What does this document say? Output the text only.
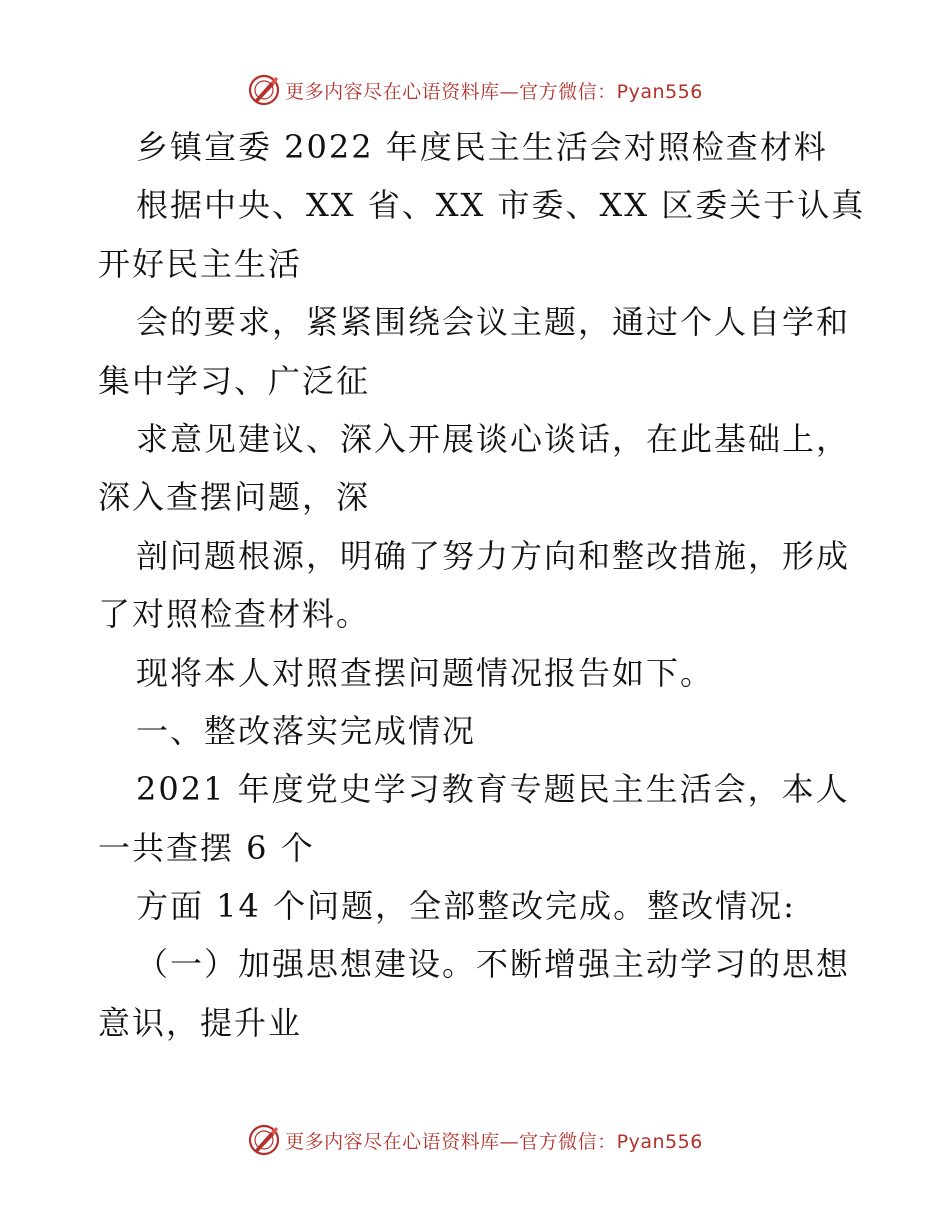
更多内容尽在心语资料库—官方微信：Pyan556
乡镇宣委 2022 年度民主生活会对照检查材料
根据中央、XX 省、XX 市委、XX 区委关于认真
开好民主生活
会的要求，紧紧围绕会议主题，通过个人自学和
集中学习、广泛征
求意见建议、深入开展谈心谈话，在此基础上，
深入查摆问题，深
剖问题根源，明确了努力方向和整改措施，形成
了对照检查材料。
现将本人对照查摆问题情况报告如下。
一、整改落实完成情况
2021 年度党史学习教育专题民主生活会，本人
一共查摆 6 个
方面 14 个问题，全部整改完成。整改情况:
（一）加强思想建设。不断增强主动学习的思想
意识，提升业
更多内容尽在心语资料库—官方微信：Pyan556
